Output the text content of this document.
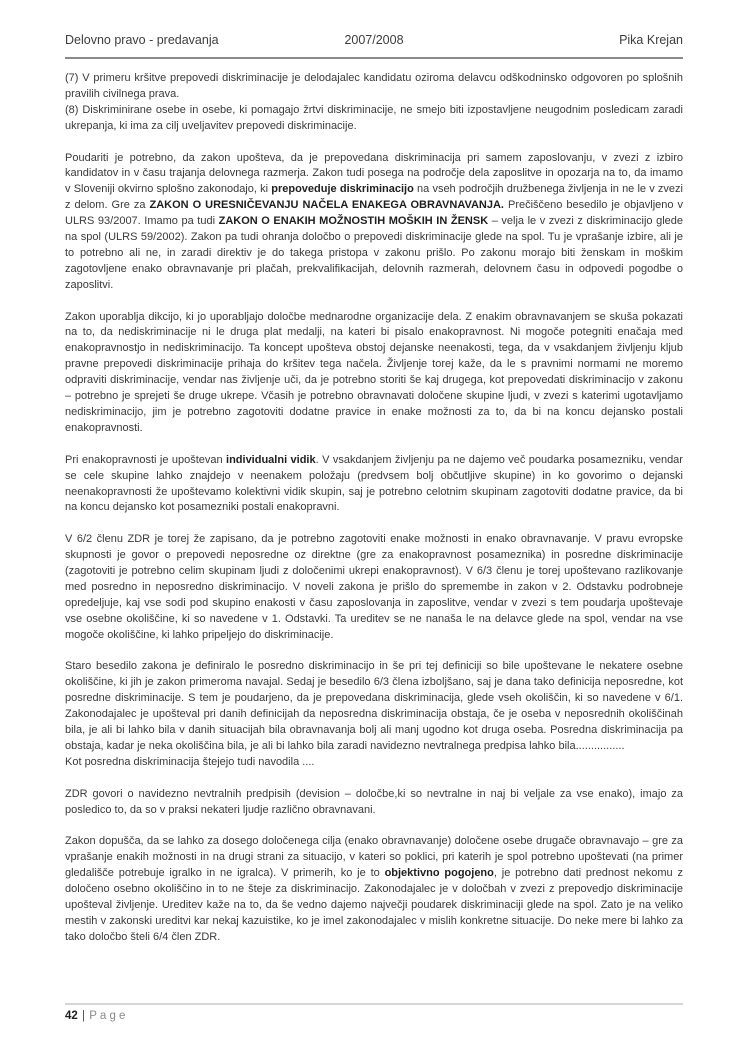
Delovno pravo - predavanja	2007/2008	Pika Krejan

(7) V primeru kršitve prepovedi diskriminacije je delodajalec kandidatu oziroma delavcu odškodninsko odgovoren po splošnih pravilih civilnega prava.

(8) Diskriminirane osebe in osebe, ki pomagajo žrtvi diskriminacije, ne smejo biti izpostavljene neugodnim posledicam zaradi ukrepanja, ki ima za cilj uveljavitev prepovedi diskriminacije.

Poudariti je potrebno, da zakon upošteva, da je prepovedana diskriminacija pri samem zaposlovanju, v zvezi z izbiro kandidatov in v času trajanja delovnega razmerja. Zakon tudi posega na področje dela zaposlitve in opozarja na to, da imamo v Sloveniji okvirno splošno zakonodajo, ki prepoveduje diskriminacijo na vseh področjih družbenega življenja in ne le v zvezi z delom. Gre za ZAKON O URESNIČEVANJU NAČELA ENAKEGA OBRAVNAVANJA. Prečiščeno besedilo je objavljeno v ULRS 93/2007. Imamo pa tudi ZAKON O ENAKIH MOŽNOSTIH MOŠKIH IN ŽENSK – velja le v zvezi z diskriminacijo glede na spol (ULRS 59/2002). Zakon pa tudi ohranja določbo o prepovedi diskriminacije glede na spol. Tu je vprašanje izbire, ali je to potrebno ali ne, in zaradi direktiv je do takega pristopa v zakonu prišlo. Po zakonu morajo biti ženskam in moškim zagotovljene enako obravnavanje pri plačah, prekvalifikacijah, delovnih razmerah, delovnem času in odpovedi pogodbe o zaposlitvi.

Zakon uporablja dikcijo, ki jo uporabljajo določbe mednarodne organizacije dela. Z enakim obravnavanjem se skuša pokazati na to, da nediskriminacije ni le druga plat medalji, na kateri bi pisalo enakopravnost. Ni mogoče potegniti enačaja med enakopravnostjo in nediskriminacijo. Ta koncept upošteva obstoj dejanske neenakosti, tega, da v vsakdanjem življenju kljub pravne prepovedi diskriminacije prihaja do kršitev tega načela. Življenje torej kaže, da le s pravnimi normami ne moremo odpraviti diskriminacije, vendar nas življenje uči, da je potrebno storiti še kaj drugega, kot prepovedati diskriminacijo v zakonu – potrebno je sprejeti še druge ukrepe. Včasih je potrebno obravnavati določene skupine ljudi, v zvezi s katerimi ugotavljamo nediskriminacijo, jim je potrebno zagotoviti dodatne pravice in enake možnosti za to, da bi na koncu dejansko postali enakopravnosti.

Pri enakopravnosti je upoštevan individualni vidik. V vsakdanjem življenju pa ne dajemo več poudarka posamezniku, vendar se cele skupine lahko znajdejo v neenakem položaju (predvsem bolj občutljive skupine) in ko govorimo o dejanski neenakopravnosti že upoštevamo kolektivni vidik skupin, saj je potrebno celotnim skupinam zagotoviti dodatne pravice, da bi na koncu dejansko kot posamezniki postali enakopravni.

V 6/2 členu ZDR je torej že zapisano, da je potrebno zagotoviti enake možnosti in enako obravnavanje. V pravu evropske skupnosti je govor o prepovedi neposredne oz direktne (gre za enakopravnost posameznika) in posredne diskriminacije (zagotoviti je potrebno celim skupinam ljudi z določenimi ukrepi enakopravnost). V 6/3 členu je torej upoštevano razlikovanje med posredno in neposredno diskriminacijo. V noveli zakona je prišlo do spremembe in zakon v 2. Odstavku podrobneje opredeljuje, kaj vse sodi pod skupino enakosti v času zaposlovanja in zaposlitve, vendar v zvezi s tem poudarja upoštevaje vse osebne okoliščine, ki so navedene v 1. Odstavki. Ta ureditev se ne nanaša le na delavce glede na spol, vendar na vse mogoče okoliščine, ki lahko pripeljejo do diskriminacije.

Staro besedilo zakona je definiralo le posredno diskriminacijo in še pri tej definiciji so bile upoštevane le nekatere osebne okoliščine, ki jih je zakon primeroma navajal. Sedaj je besedilo 6/3 člena izboljšano, saj je dana tako definicija neposredne, kot posredne diskriminacije. S tem je poudarjeno, da je prepovedana diskriminacija, glede vseh okoliščin, ki so navedene v 6/1. Zakonodajalec je upošteval pri danih definicijah da neposredna diskriminacija obstaja, če je oseba v neposrednih okoliščinah bila, je ali bi lahko bila v danih situacijah bila obravnavanja bolj ali manj ugodno kot druga oseba. Posredna diskriminacija pa obstaja, kadar je neka okoliščina bila, je ali bi lahko bila zaradi navidezno nevtralnega predpisa lahko bila................

Kot posredna diskriminacija štejejo tudi navodila ....

ZDR govori o navidezno nevtralnih predpisih (devision – določbe,ki so nevtralne in naj bi veljale za vse enako), imajo za posledico to, da so v praksi nekateri ljudje različno obravnavani.

Zakon dopušča, da se lahko za dosego določenega cilja (enako obravnavanje) določene osebe drugače obravnavajo – gre za vprašanje enakih možnosti in na drugi strani za situacijo, v kateri so poklici, pri katerih je spol potrebno upoštevati (na primer gledališče potrebuje igralko in ne igralca). V primerih, ko je to objektivno pogojeno, je potrebno dati prednost nekomu z določeno osebno okoliščino in to ne šteje za diskriminacijo. Zakonodajalec je v določbah v zvezi z prepovedjo diskriminacije upošteval življenje. Ureditev kaže na to, da še vedno dajemo največji poudarek diskriminaciji glede na spol. Zato je na veliko mestih v zakonski ureditvi kar nekaj kazuistike, ko je imel zakonodajalec v mislih konkretne situacije. Do neke mere bi lahko za tako določbo šteli 6/4 člen ZDR.

42 | P a g e
